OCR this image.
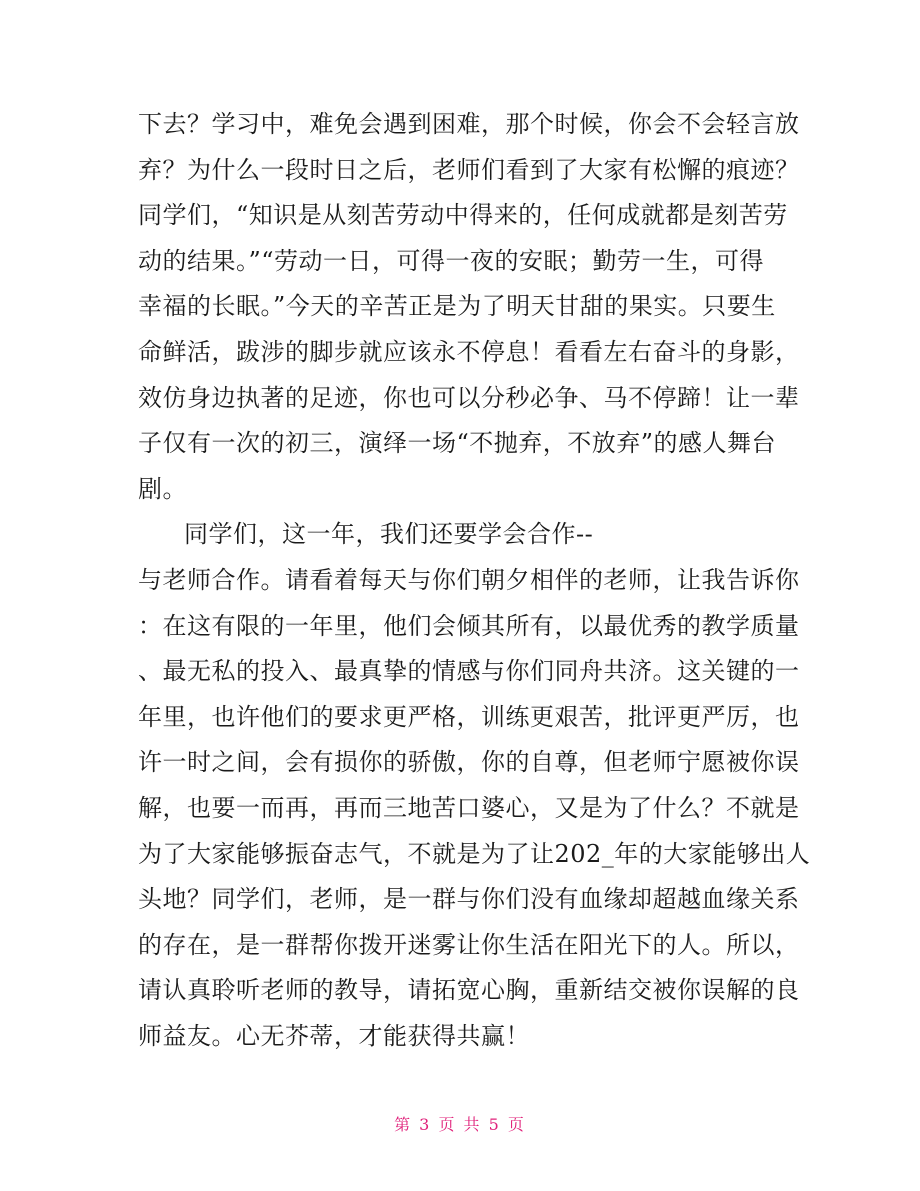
下去？学习中，难免会遇到困难，那个时候，你会不会轻言放
弃？为什么一段时日之后，老师们看到了大家有松懈的痕迹？
同学们，“知识是从刻苦劳动中得来的，任何成就都是刻苦劳
动的结果。”“劳动一日，可得一夜的安眠；勤劳一生，可得
幸福的长眠。”今天的辛苦正是为了明天甘甜的果实。只要生
命鲜活，跋涉的脚步就应该永不停息！看看左右奋斗的身影，
效仿身边执著的足迹，你也可以分秒必争、马不停蹄！让一辈
子仅有一次的初三，演绎一场“不抛弃，不放弃”的感人舞台
剧。
同学们，这一年，我们还要学会合作--
与老师合作。请看着每天与你们朝夕相伴的老师，让我告诉你
：在这有限的一年里，他们会倾其所有，以最优秀的教学质量
、最无私的投入、最真挚的情感与你们同舟共济。这关键的一
年里，也许他们的要求更严格，训练更艰苦，批评更严厉，也
许一时之间，会有损你的骄傲，你的自尊，但老师宁愿被你误
解，也要一而再，再而三地苦口婆心，又是为了什么？不就是
为了大家能够振奋志气，不就是为了让202_年的大家能够出人
头地？同学们，老师，是一群与你们没有血缘却超越血缘关系
的存在，是一群帮你拨开迷雾让你生活在阳光下的人。所以，
请认真聆听老师的教导，请拓宽心胸，重新结交被你误解的良
师益友。心无芥蒂，才能获得共赢！
第 3 页 共 5 页
